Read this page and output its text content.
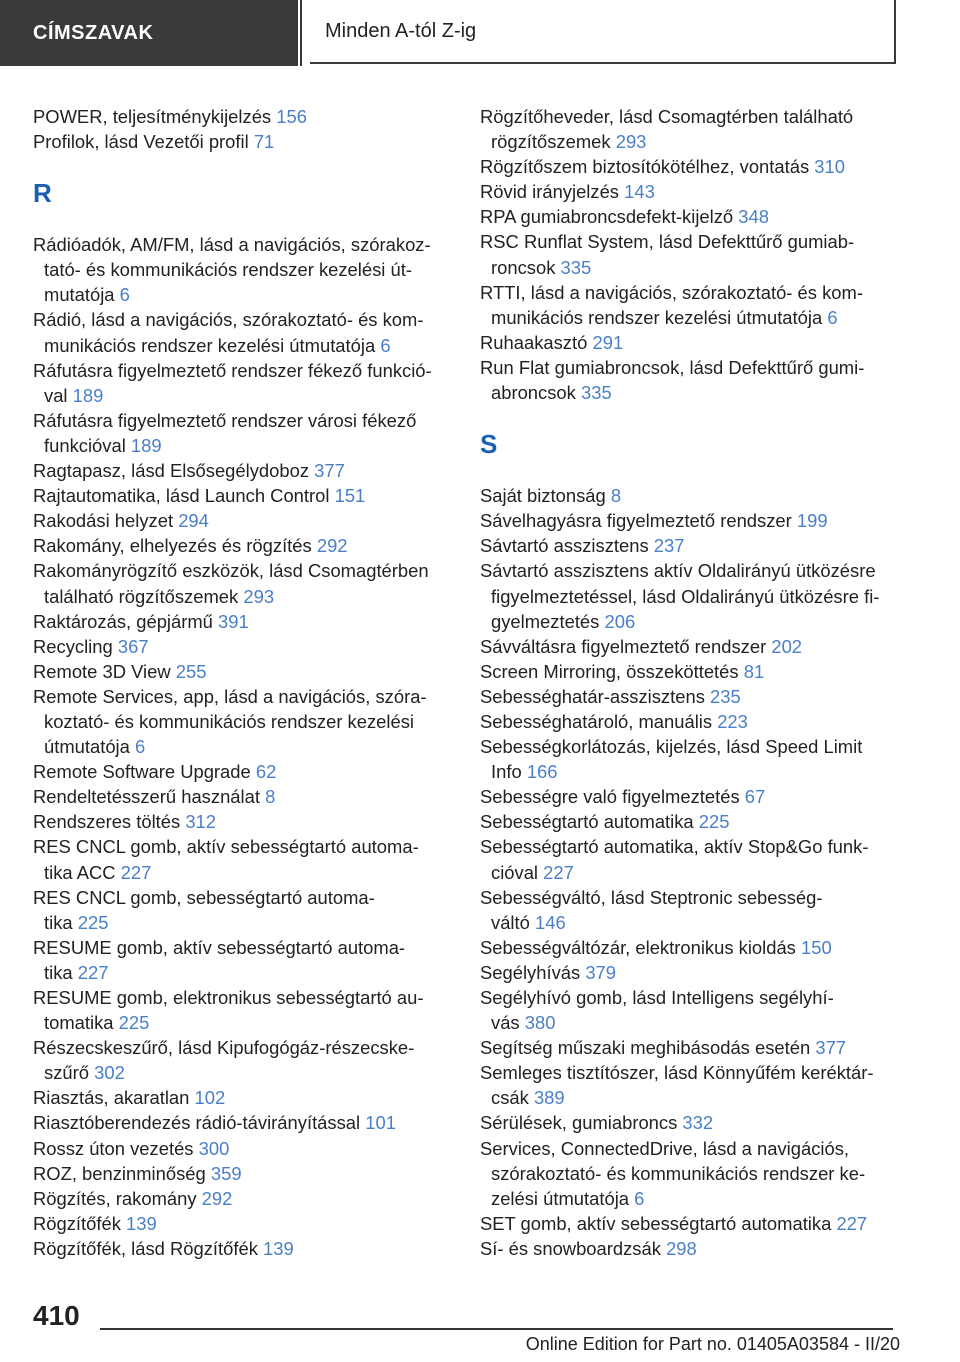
CÍMSZAVAK	Minden A-tól Z-ig
POWER, teljesítménykijelzés 156
Profilok, lásd Vezetői profil 71
R
Rádióadók, AM/FM, lásd a navigációs, szórakoz-
tató- és kommunikációs rendszer kezelési út-
mutatója 6
Rádió, lásd a navigációs, szórakoztató- és kom-
munikációs rendszer kezelési útmutatója 6
Ráfutásra figyelmeztető rendszer fékező funkció-
val 189
Ráfutásra figyelmeztető rendszer városi fékező
funkcióval 189
Ragtapasz, lásd Elsősegélydoboz 377
Rajtautomatika, lásd Launch Control 151
Rakodási helyzet 294
Rakomány, elhelyezés és rögzítés 292
Rakományrögzítő eszközök, lásd Csomagtérben
található rögzítőszemek 293
Raktározás, gépjármű 391
Recycling 367
Remote 3D View 255
Remote Services, app, lásd a navigációs, szóra-
koztató- és kommunikációs rendszer kezelési
útmutatója 6
Remote Software Upgrade 62
Rendeltetésszerű használat 8
Rendszeres töltés 312
RES CNCL gomb, aktív sebességtartó automa-
tika ACC 227
RES CNCL gomb, sebességtartó automa-
tika 225
RESUME gomb, aktív sebességtartó automa-
tika 227
RESUME gomb, elektronikus sebességtartó au-
tomatika 225
Részecskeszűrő, lásd Kipufogógáz-részecske-
szűrő 302
Riasztás, akaratlan 102
Riasztóberendezés rádió-távirányítással 101
Rossz úton vezetés 300
ROZ, benzinminőség 359
Rögzítés, rakomány 292
Rögzítőfék 139
Rögzítőfék, lásd Rögzítőfék 139
Rögzítőheveder, lásd Csomagtérben található
rögzítőszemek 293
Rögzítőszem biztosítókötélhez, vontatás 310
Rövid irányjelzés 143
RPA gumiabroncsdefekt-kijelző 348
RSC Runflat System, lásd Defekttűrő gumiab-
roncsok 335
RTTI, lásd a navigációs, szórakoztató- és kom-
munikációs rendszer kezelési útmutatója 6
Ruhaakasztó 291
Run Flat gumiabroncsok, lásd Defekttűrő gumi-
abroncsok 335
S
Saját biztonság 8
Sávelhagyásra figyelmeztető rendszer 199
Sávtartó asszisztens 237
Sávtartó asszisztens aktív Oldalirányú ütközésre
figyelmeztetéssel, lásd Oldalirányú ütközésre fi-
gyelmeztetés 206
Sávváltásra figyelmeztető rendszer 202
Screen Mirroring, összeköttetés 81
Sebességhatár-asszisztens 235
Sebességhatároló, manuális 223
Sebességkorlátozás, kijelzés, lásd Speed Limit
Info 166
Sebességre való figyelmeztetés 67
Sebességtartó automatika 225
Sebességtartó automatika, aktív Stop&Go funk-
cióval 227
Sebességváltó, lásd Steptronic sebesség-
váltó 146
Sebességváltózár, elektronikus kioldás 150
Segélyhívás 379
Segélyhívó gomb, lásd Intelligens segélyhí-
vás 380
Segítség műszaki meghibásodás esetén 377
Semleges tisztítószer, lásd Könnyűfém keréktár-
csák 389
Sérülések, gumiabroncs 332
Services, ConnectedDrive, lásd a navigációs,
szórakoztató- és kommunikációs rendszer ke-
zelési útmutatója 6
SET gomb, aktív sebességtartó automatika 227
Sí- és snowboardzsák 298
410
Online Edition for Part no. 01405A03584 - II/20
